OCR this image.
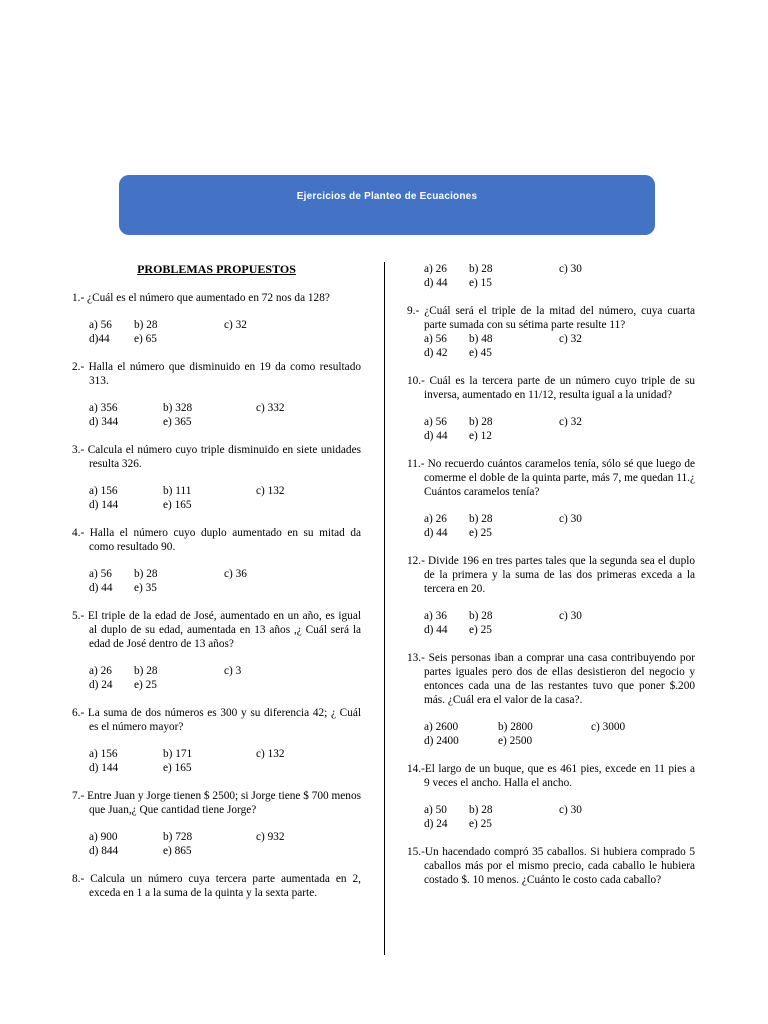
Ejercicios de Planteo de Ecuaciones
PROBLEMAS PROPUESTOS
1.- ¿Cuál es el número que aumentado en 72 nos da 128?
a) 56	b) 28	c) 32
d)44	e) 65
2.- Halla el número que disminuido en 19 da como resultado 313.
a) 356	b) 328	c) 332
d) 344	e) 365
3.- Calcula el número cuyo triple disminuido en siete unidades resulta 326.
a) 156	b) 111	c) 132
d) 144	e) 165
4.- Halla el número cuyo duplo aumentado en su mitad da como resultado 90.
a) 56	b) 28	c) 36
d) 44	e) 35
5.- El triple de la edad de José, aumentado en un año, es igual al duplo de su edad, aumentada en 13 años ,¿ Cuál será la edad de José dentro de 13 años?
a) 26	b) 28	c) 3
d) 24	e) 25
6.- La suma de dos números es 300 y su diferencia 42; ¿ Cuál es el número mayor?
a) 156	b) 171	c) 132
d) 144	e) 165
7.- Entre Juan y Jorge tienen $ 2500; si Jorge tiene $ 700 menos que Juan,¿ Que cantidad tiene Jorge?
a) 900	b) 728	c) 932
d) 844	e) 865
8.- Calcula un número cuya tercera parte aumentada en 2, exceda en 1 a la suma de la quinta y la sexta parte.
a) 26	b) 28	c) 30
d) 44	e) 15
9.- ¿Cuál será el triple de la mitad del número, cuya cuarta parte sumada con su sétima parte resulte 11?
a) 56	b) 48	c) 32
d) 42	e) 45
10.- Cuál es la tercera parte de un número cuyo triple de su inversa, aumentado en 11/12, resulta igual a la unidad?
a) 56	b) 28	c) 32
d) 44	e) 12
11.- No recuerdo cuántos caramelos tenía, sólo sé que luego de comerme el doble de la quinta parte, más 7, me quedan 11.¿ Cuántos caramelos tenía?
a) 26	b) 28	c) 30
d) 44	e) 25
12.- Divide 196 en tres partes tales que la segunda sea el duplo de la primera y la suma de las dos primeras exceda a la tercera en 20.
a) 36	b) 28	c) 30
d) 44	e) 25
13.- Seis personas iban a comprar una casa contribuyendo por partes iguales pero dos de ellas desistieron del negocio y entonces cada una de las restantes tuvo que poner $.200 más. ¿Cuál era el valor de la casa?.
a) 2600	b) 2800	c) 3000
d) 2400	e) 2500
14.-El largo de un buque, que es 461 pies, excede en 11 pies a 9 veces el ancho. Halla el ancho.
a) 50	b) 28	c) 30
d) 24	e) 25
15.-Un hacendado compró 35 caballos. Si hubiera comprado 5 caballos más por el mismo precio, cada caballo le hubiera costado $. 10 menos. ¿Cuánto le costo cada caballo?
